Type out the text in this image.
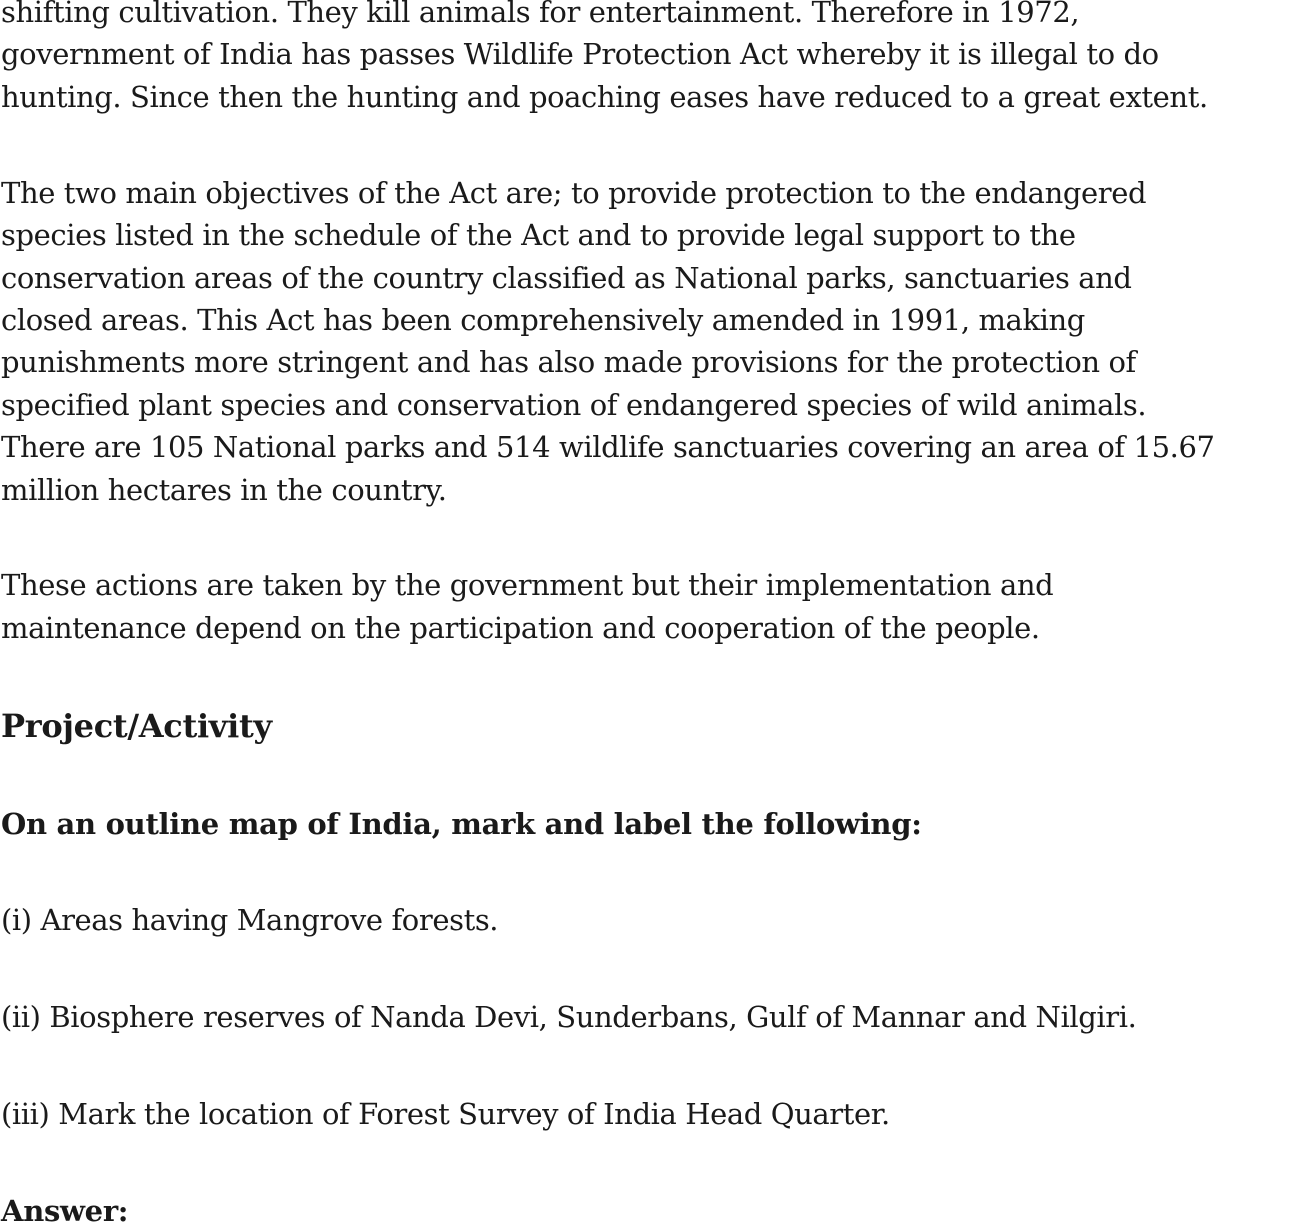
shifting cultivation. They kill animals for entertainment. Therefore in 1972,
government of India has passes Wildlife Protection Act whereby it is illegal to do
hunting. Since then the hunting and poaching eases have reduced to a great extent.
The two main objectives of the Act are; to provide protection to the endangered
species listed in the schedule of the Act and to provide legal support to the
conservation areas of the country classified as National parks, sanctuaries and
closed areas. This Act has been comprehensively amended in 1991, making
punishments more stringent and has also made provisions for the protection of
specified plant species and conservation of endangered species of wild animals.
There are 105 National parks and 514 wildlife sanctuaries covering an area of 15.67
million hectares in the country.
These actions are taken by the government but their implementation and
maintenance depend on the participation and cooperation of the people.
Project/Activity
On an outline map of India, mark and label the following:
(i) Areas having Mangrove forests.
(ii) Biosphere reserves of Nanda Devi, Sunderbans, Gulf of Mannar and Nilgiri.
(iii) Mark the location of Forest Survey of India Head Quarter.
Answer:
